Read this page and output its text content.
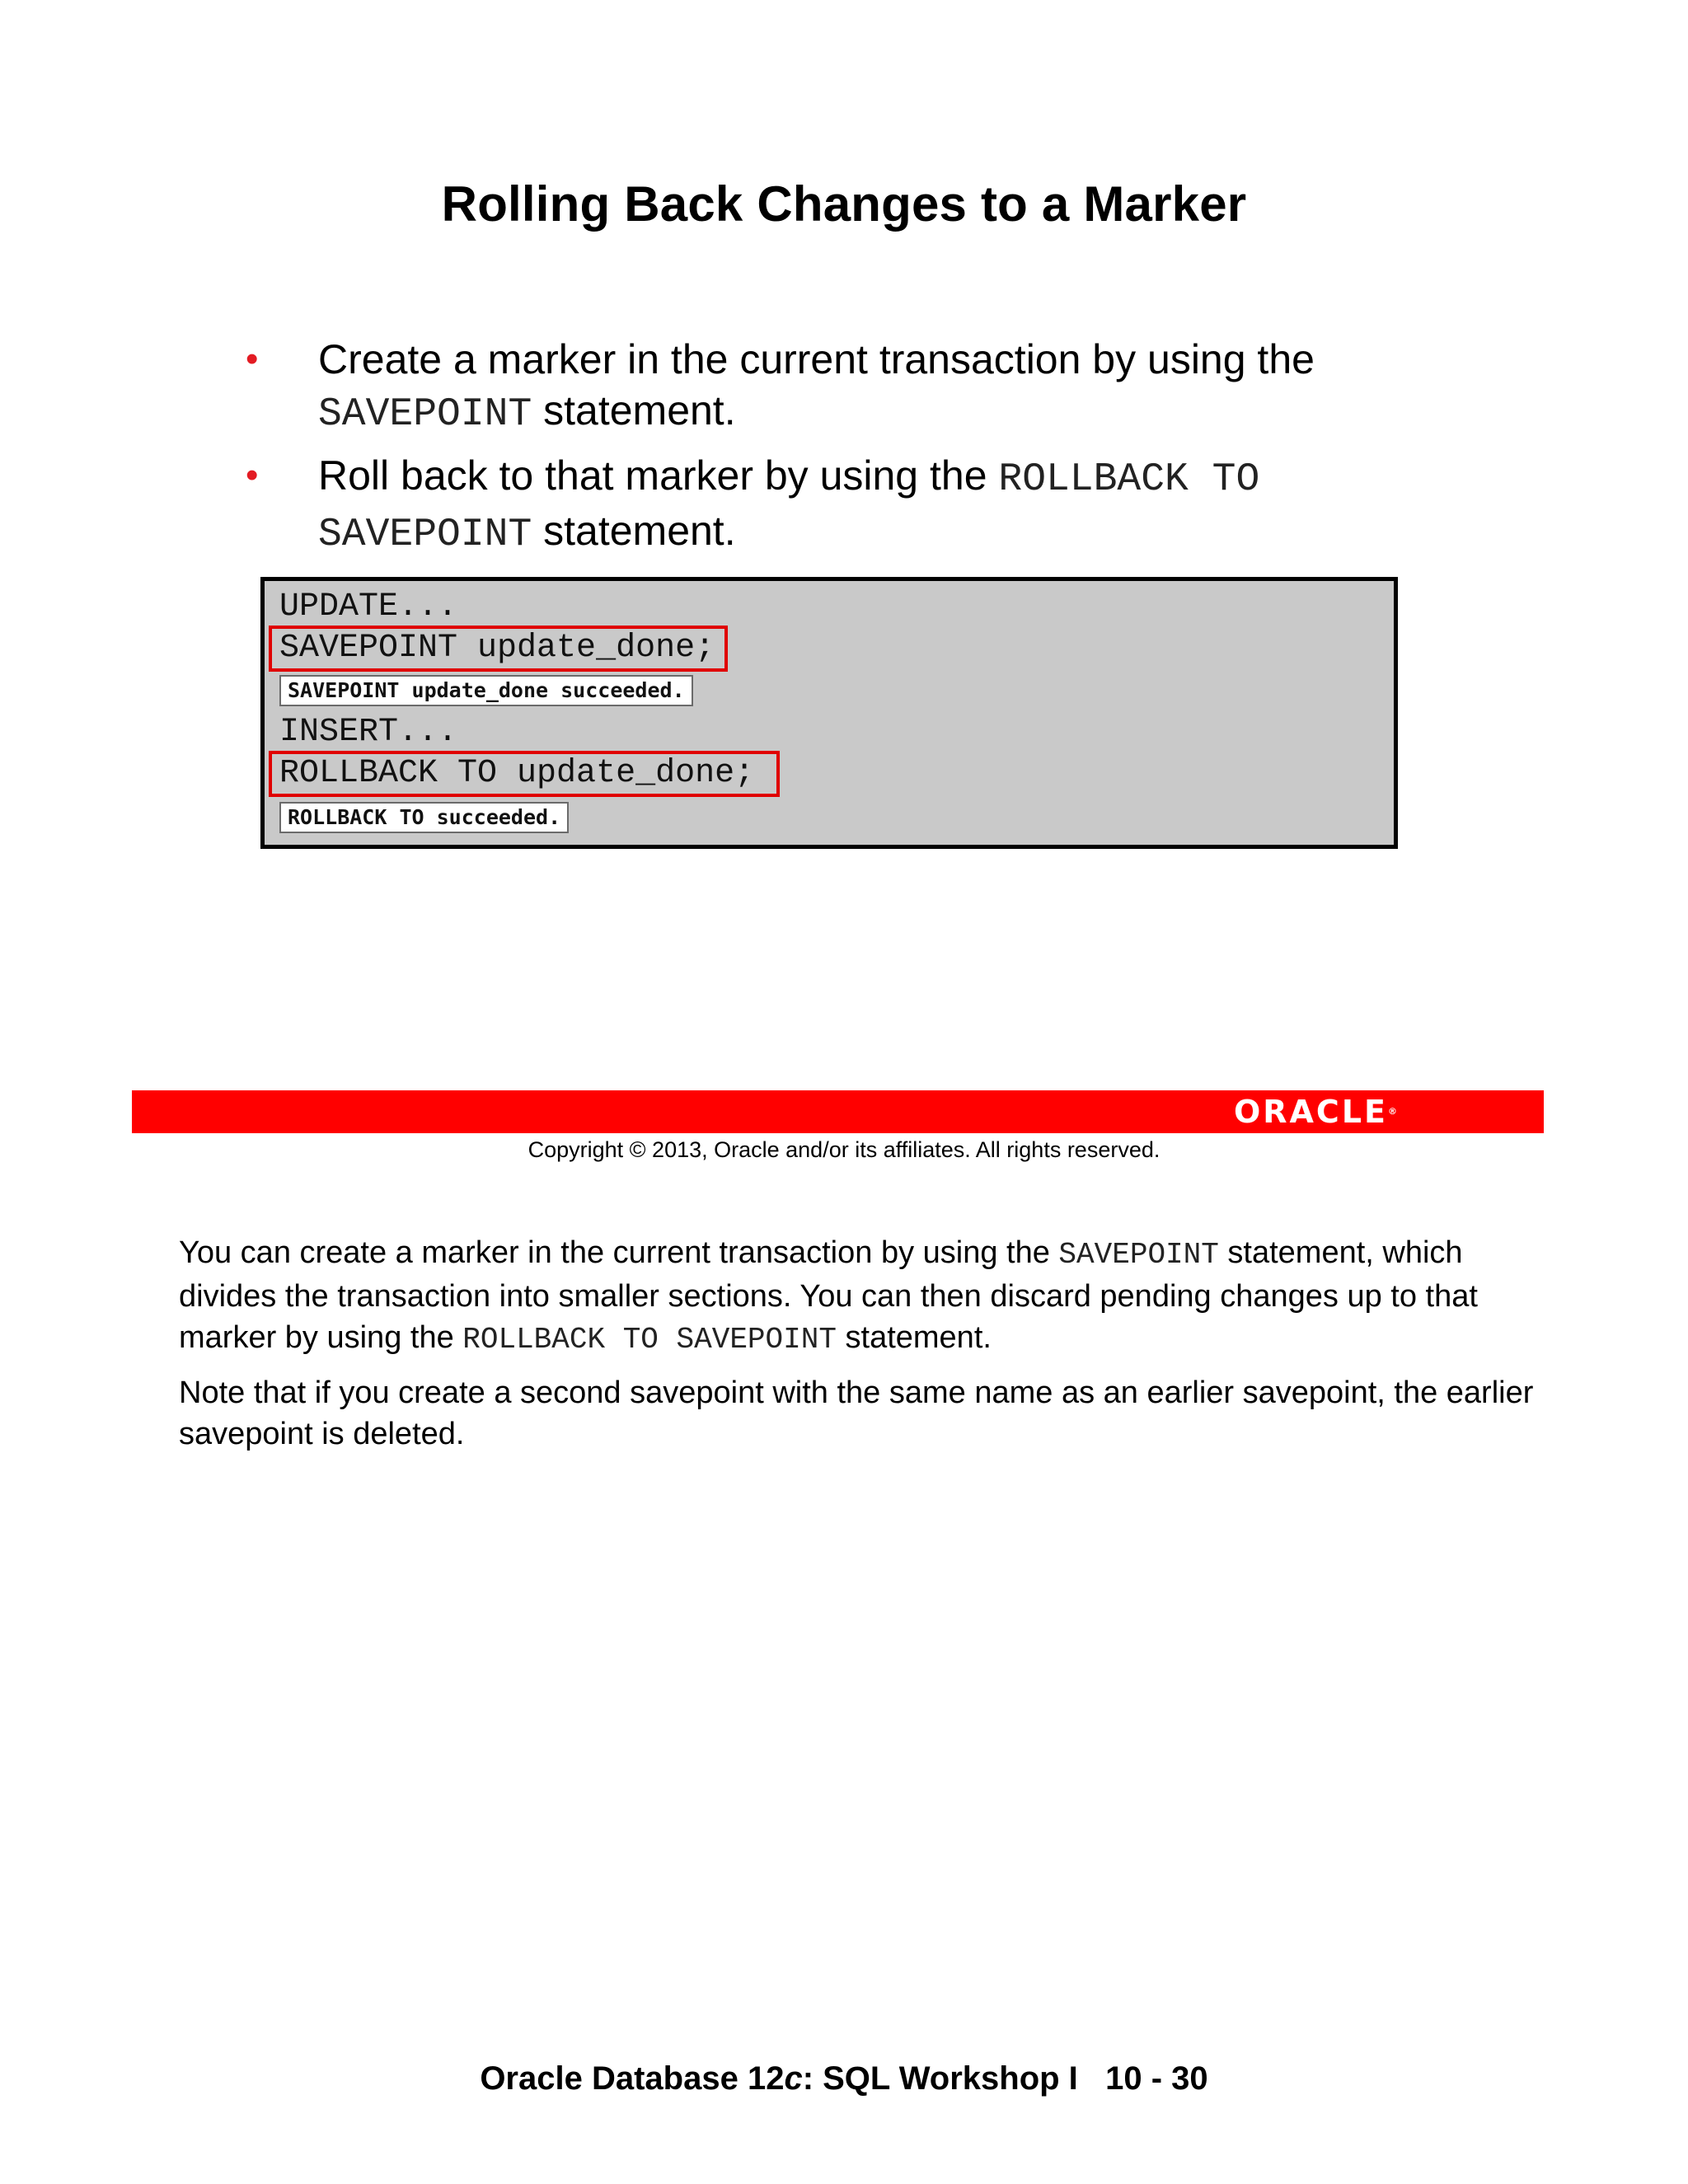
Rolling Back Changes to a Marker
• Create a marker in the current transaction by using the
SAVEPOINT statement.
• Roll back to that marker by using the ROLLBACK TO SAVEPOINT statement.
UPDATE...
SAVEPOINT update_done;
SAVEPOINT update_done succeeded.
INSERT...
ROLLBACK TO update_done;
ROLLBACK TO succeeded.
ORACLE®
Copyright © 2013, Oracle and/or its affiliates. All rights reserved.

You can create a marker in the current transaction by using the SAVEPOINT statement, which divides the transaction into smaller sections. You can then discard pending changes up to that marker by using the ROLLBACK TO SAVEPOINT statement.

Note that if you create a second savepoint with the same name as an earlier savepoint, the earlier savepoint is deleted.

Oracle Database 12c: SQL Workshop I 10 - 30
